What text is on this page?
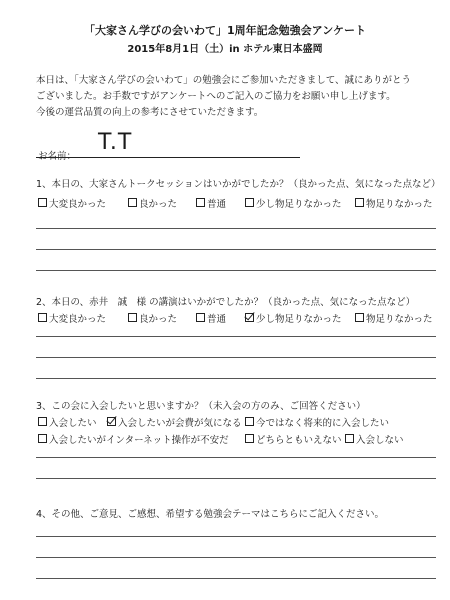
「大家さん学びの会いわて」1周年記念勉強会アンケート
2015年8月1日（土）in ホテル東日本盛岡
本日は、「大家さん学びの会いわて」の勉強会にご参加いただきまして、誠にありがとう
ございました。お手数ですがアンケートへのご記入のご協力をお願い申し上げます。
今後の運営品質の向上の参考にさせていただきます。
お名前：
T.T
1、本日の、大家さんトークセッションはいかがでしたか？（良かった点、気になった点など）
大変良かった	良かった	普通	少し物足りなかった	物足りなかった
2、本日の、赤井　誠　様 の講演はいかがでしたか？（良かった点、気になった点など）
大変良かった	良かった	普通	少し物足りなかった	物足りなかった
3、この会に入会したいと思いますか？（未入会の方のみ、ご回答ください）
入会したい	入会したいが会費が気になる	今ではなく将来的に入会したい
入会したいがインターネット操作が不安だ	どちらともいえない	入会しない
4、その他、ご意見、ご感想、希望する勉強会テーマはこちらにご記入ください。
